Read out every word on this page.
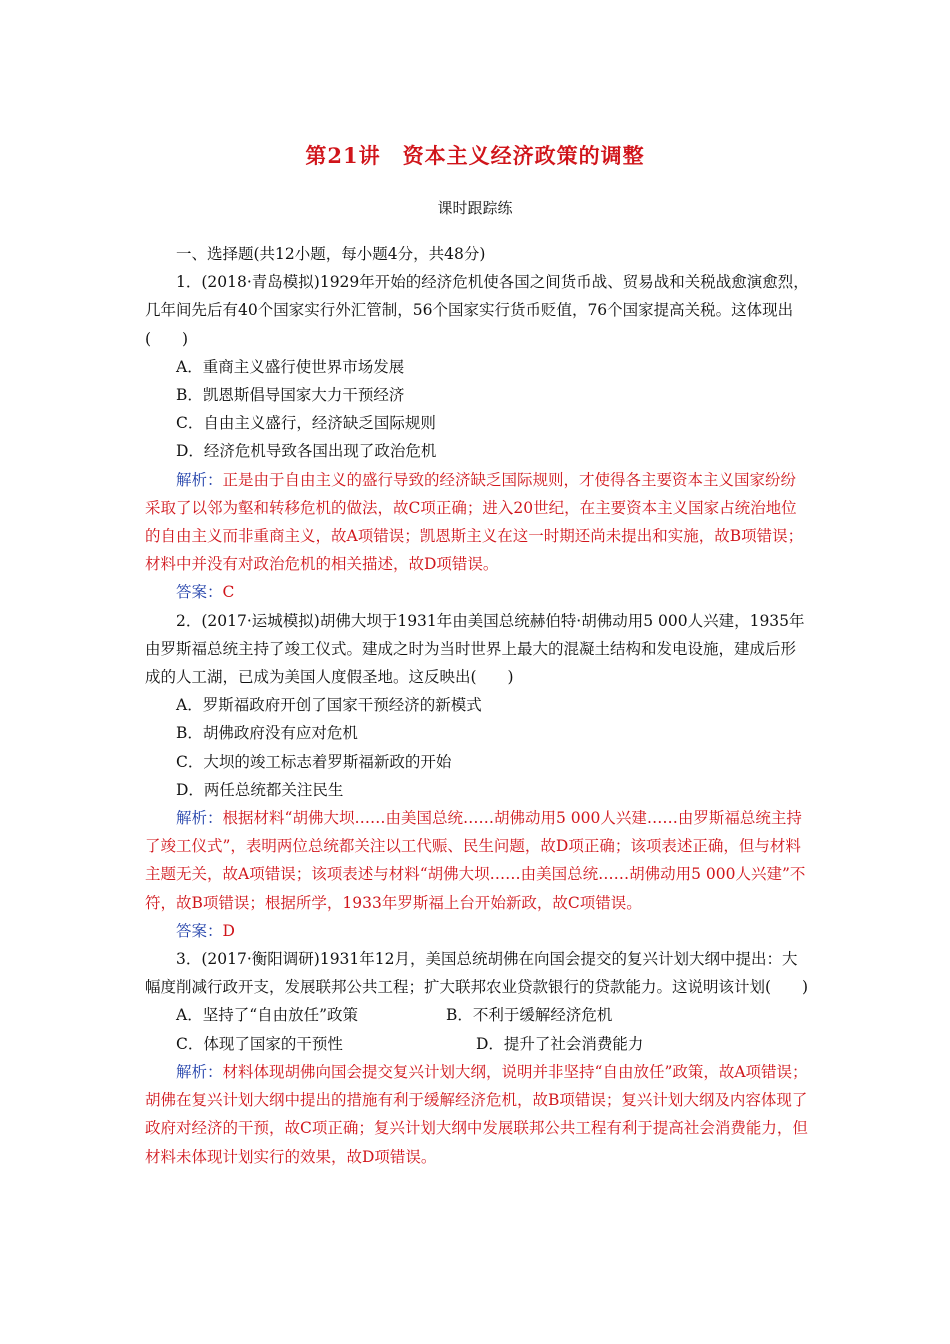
第21讲 资本主义经济政策的调整
课时跟踪练

一、选择题(共12小题，每小题4分，共48分)

1．(2018·青岛模拟)1929年开始的经济危机使各国之间货币战、贸易战和关税战愈演愈烈，几年间先后有40个国家实行外汇管制，56个国家实行货币贬值，76个国家提高关税。这体现出(　　)

A．重商主义盛行使世界市场发展

B．凯恩斯倡导国家大力干预经济

C．自由主义盛行，经济缺乏国际规则

D．经济危机导致各国出现了政治危机

解析：正是由于自由主义的盛行导致的经济缺乏国际规则，才使得各主要资本主义国家纷纷采取了以邻为壑和转移危机的做法，故C项正确；进入20世纪，在主要资本主义国家占统治地位的自由主义而非重商主义，故A项错误；凯恩斯主义在这一时期还尚未提出和实施，故B项错误；材料中并没有对政治危机的相关描述，故D项错误。

答案：C

2．(2017·运城模拟)胡佛大坝于1931年由美国总统赫伯特·胡佛动用5 000人兴建，1935年由罗斯福总统主持了竣工仪式。建成之时为当时世界上最大的混凝土结构和发电设施，建成后形成的人工湖，已成为美国人度假圣地。这反映出(　　)

A．罗斯福政府开创了国家干预经济的新模式

B．胡佛政府没有应对危机

C．大坝的竣工标志着罗斯福新政的开始

D．两任总统都关注民生

解析：根据材料“胡佛大坝……由美国总统……胡佛动用5 000人兴建……由罗斯福总统主持了竣工仪式”，表明两位总统都关注以工代赈、民生问题，故D项正确；该项表述正确，但与材料主题无关，故A项错误；该项表述与材料“胡佛大坝……由美国总统……胡佛动用5 000人兴建”不符，故B项错误；根据所学，1933年罗斯福上台开始新政，故C项错误。

答案：D

3．(2017·衡阳调研)1931年12月，美国总统胡佛在向国会提交的复兴计划大纲中提出：大幅度削减行政开支，发展联邦公共工程；扩大联邦农业贷款银行的贷款能力。这说明该计划(　　)

A．坚持了“自由放任”政策	B．不利于缓解经济危机
C．体现了国家的干预性	D．提升了社会消费能力

解析：材料体现胡佛向国会提交复兴计划大纲，说明并非坚持“自由放任”政策，故A项错误；胡佛在复兴计划大纲中提出的措施有利于缓解经济危机，故B项错误；复兴计划大纲及内容体现了政府对经济的干预，故C项正确；复兴计划大纲中发展联邦公共工程有利于提高社会消费能力，但材料未体现计划实行的效果，故D项错误。
